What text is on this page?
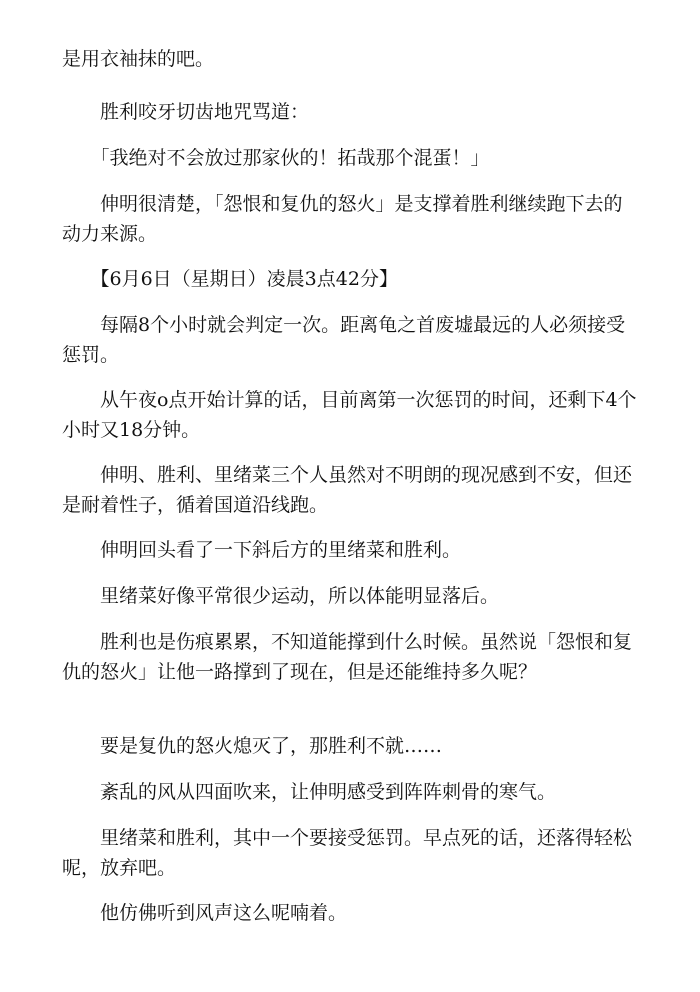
是用衣袖抹的吧。

　　胜利咬牙切齿地咒骂道：

　　「我绝对不会放过那家伙的！拓哉那个混蛋！」

　　伸明很清楚，「怨恨和复仇的怒火」是支撑着胜利继续跑下去的动力来源。

　　【6月6日（星期日）凌晨3点42分】

　　每隔8个小时就会判定一次。距离龟之首废墟最远的人必须接受惩罚。

　　从午夜o点开始计算的话，目前离第一次惩罚的时间，还剩下4个小时又18分钟。

　　伸明、胜利、里绪菜三个人虽然对不明朗的现况感到不安，但还是耐着性子，循着国道沿线跑。

　　伸明回头看了一下斜后方的里绪菜和胜利。

　　里绪菜好像平常很少运动，所以体能明显落后。

　　胜利也是伤痕累累，不知道能撑到什么时候。虽然说「怨恨和复仇的怒火」让他一路撑到了现在，但是还能维持多久呢？

　　要是复仇的怒火熄灭了，那胜利不就……

　　紊乱的风从四面吹来，让伸明感受到阵阵刺骨的寒气。

　　里绪菜和胜利，其中一个要接受惩罚。早点死的话，还落得轻松呢，放弃吧。

　　他仿佛听到风声这么呢喃着。
